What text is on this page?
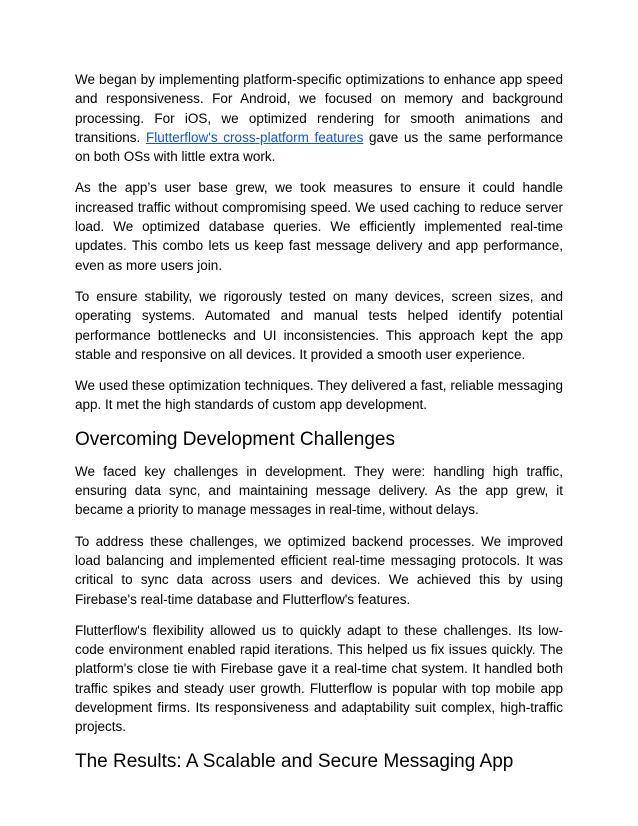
We began by implementing platform-specific optimizations to enhance app speed and responsiveness. For Android, we focused on memory and background processing. For iOS, we optimized rendering for smooth animations and transitions. Flutterflow's cross-platform features gave us the same performance on both OSs with little extra work.

As the app’s user base grew, we took measures to ensure it could handle increased traffic without compromising speed. We used caching to reduce server load. We optimized database queries. We efficiently implemented real-time updates. This combo lets us keep fast message delivery and app performance, even as more users join.

To ensure stability, we rigorously tested on many devices, screen sizes, and operating systems. Automated and manual tests helped identify potential performance bottlenecks and UI inconsistencies. This approach kept the app stable and responsive on all devices. It provided a smooth user experience.

We used these optimization techniques. They delivered a fast, reliable messaging app. It met the high standards of custom app development.

Overcoming Development Challenges

We faced key challenges in development. They were: handling high traffic, ensuring data sync, and maintaining message delivery. As the app grew, it became a priority to manage messages in real-time, without delays.

To address these challenges, we optimized backend processes. We improved load balancing and implemented efficient real-time messaging protocols. It was critical to sync data across users and devices. We achieved this by using Firebase's real-time database and Flutterflow's features.

Flutterflow's flexibility allowed us to quickly adapt to these challenges. Its low-code environment enabled rapid iterations. This helped us fix issues quickly. The platform's close tie with Firebase gave it a real-time chat system. It handled both traffic spikes and steady user growth. Flutterflow is popular with top mobile app development firms. Its responsiveness and adaptability suit complex, high-traffic projects.

The Results: A Scalable and Secure Messaging App
